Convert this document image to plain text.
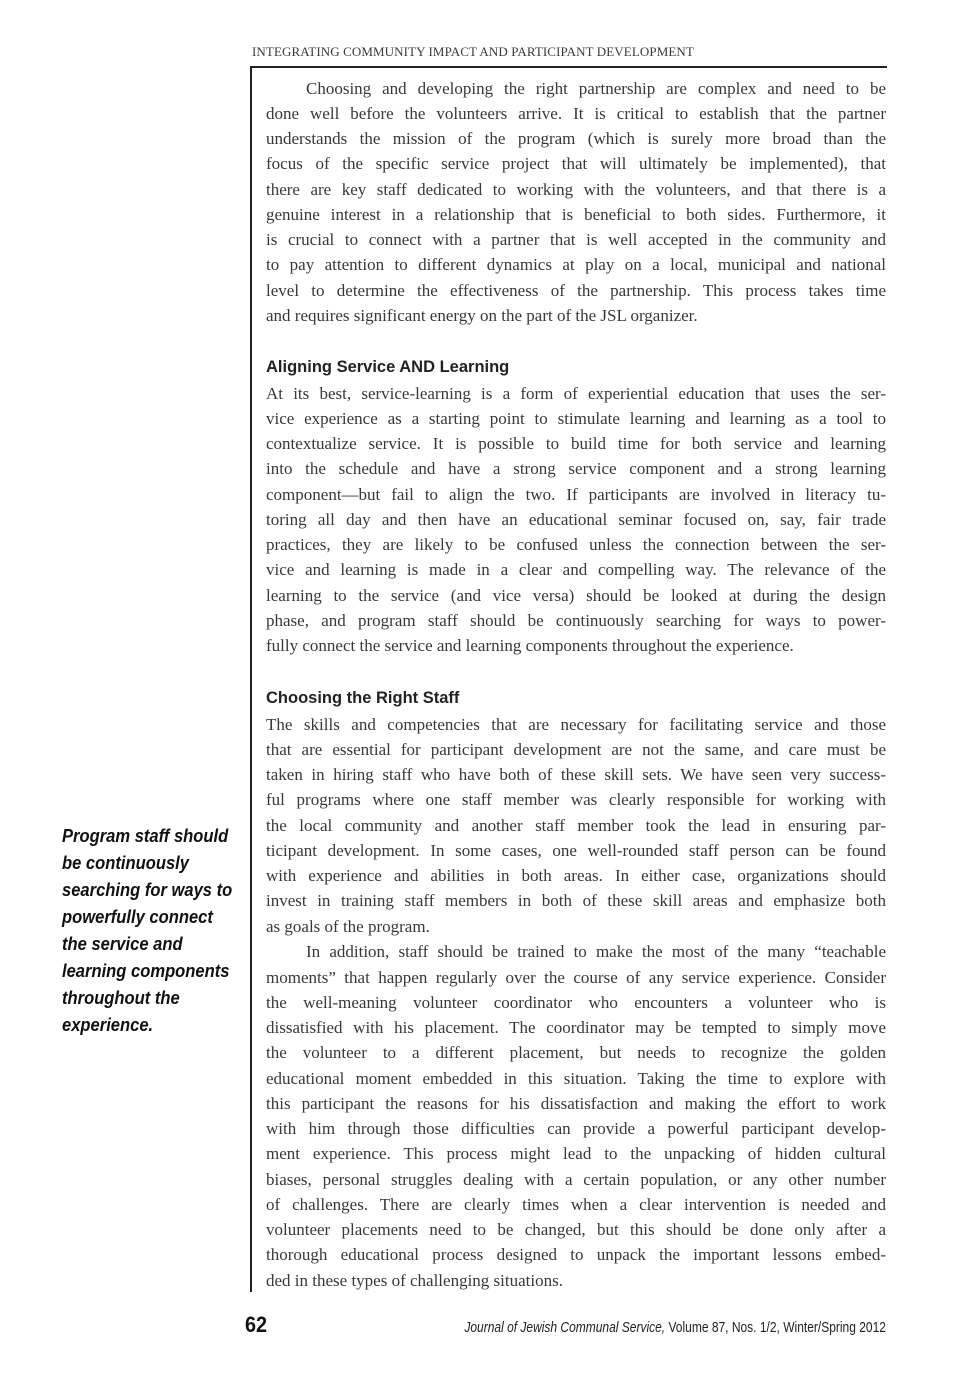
INTEGRATING COMMUNITY IMPACT AND PARTICIPANT DEVELOPMENT
Choosing and developing the right partnership are complex and need to be
done well before the volunteers arrive. It is critical to establish that the partner
understands the mission of the program (which is surely more broad than the
focus of the specific service project that will ultimately be implemented), that
there are key staff dedicated to working with the volunteers, and that there is a
genuine interest in a relationship that is beneficial to both sides. Furthermore, it
is crucial to connect with a partner that is well accepted in the community and
to pay attention to different dynamics at play on a local, municipal and national
level to determine the effectiveness of the partnership. This process takes time
and requires significant energy on the part of the JSL organizer.
Aligning Service AND Learning
At its best, service-learning is a form of experiential education that uses the ser-
vice experience as a starting point to stimulate learning and learning as a tool to
contextualize service. It is possible to build time for both service and learning
into the schedule and have a strong service component and a strong learning
component—but fail to align the two. If participants are involved in literacy tu-
toring all day and then have an educational seminar focused on, say, fair trade
practices, they are likely to be confused unless the connection between the ser-
vice and learning is made in a clear and compelling way. The relevance of the
learning to the service (and vice versa) should be looked at during the design
phase, and program staff should be continuously searching for ways to power-
fully connect the service and learning components throughout the experience.
Choosing the Right Staff
The skills and competencies that are necessary for facilitating service and those
that are essential for participant development are not the same, and care must be
taken in hiring staff who have both of these skill sets. We have seen very success-
ful programs where one staff member was clearly responsible for working with
the local community and another staff member took the lead in ensuring par-
ticipant development. In some cases, one well-rounded staff person can be found
with experience and abilities in both areas. In either case, organizations should
invest in training staff members in both of these skill areas and emphasize both
as goals of the program.
In addition, staff should be trained to make the most of the many “teachable
moments” that happen regularly over the course of any service experience. Consider
the well-meaning volunteer coordinator who encounters a volunteer who is
dissatisfied with his placement. The coordinator may be tempted to simply move
the volunteer to a different placement, but needs to recognize the golden
educational moment embedded in this situation. Taking the time to explore with
this participant the reasons for his dissatisfaction and making the effort to work
with him through those difficulties can provide a powerful participant develop-
ment experience. This process might lead to the unpacking of hidden cultural
biases, personal struggles dealing with a certain population, or any other number
of challenges. There are clearly times when a clear intervention is needed and
volunteer placements need to be changed, but this should be done only after a
thorough educational process designed to unpack the important lessons embed-
ded in these types of challenging situations.
Program staff should
be continuously
searching for ways to
powerfully connect
the service and
learning components
throughout the
experience.
62	Journal of Jewish Communal Service, Volume 87, Nos. 1/2, Winter/Spring 2012
